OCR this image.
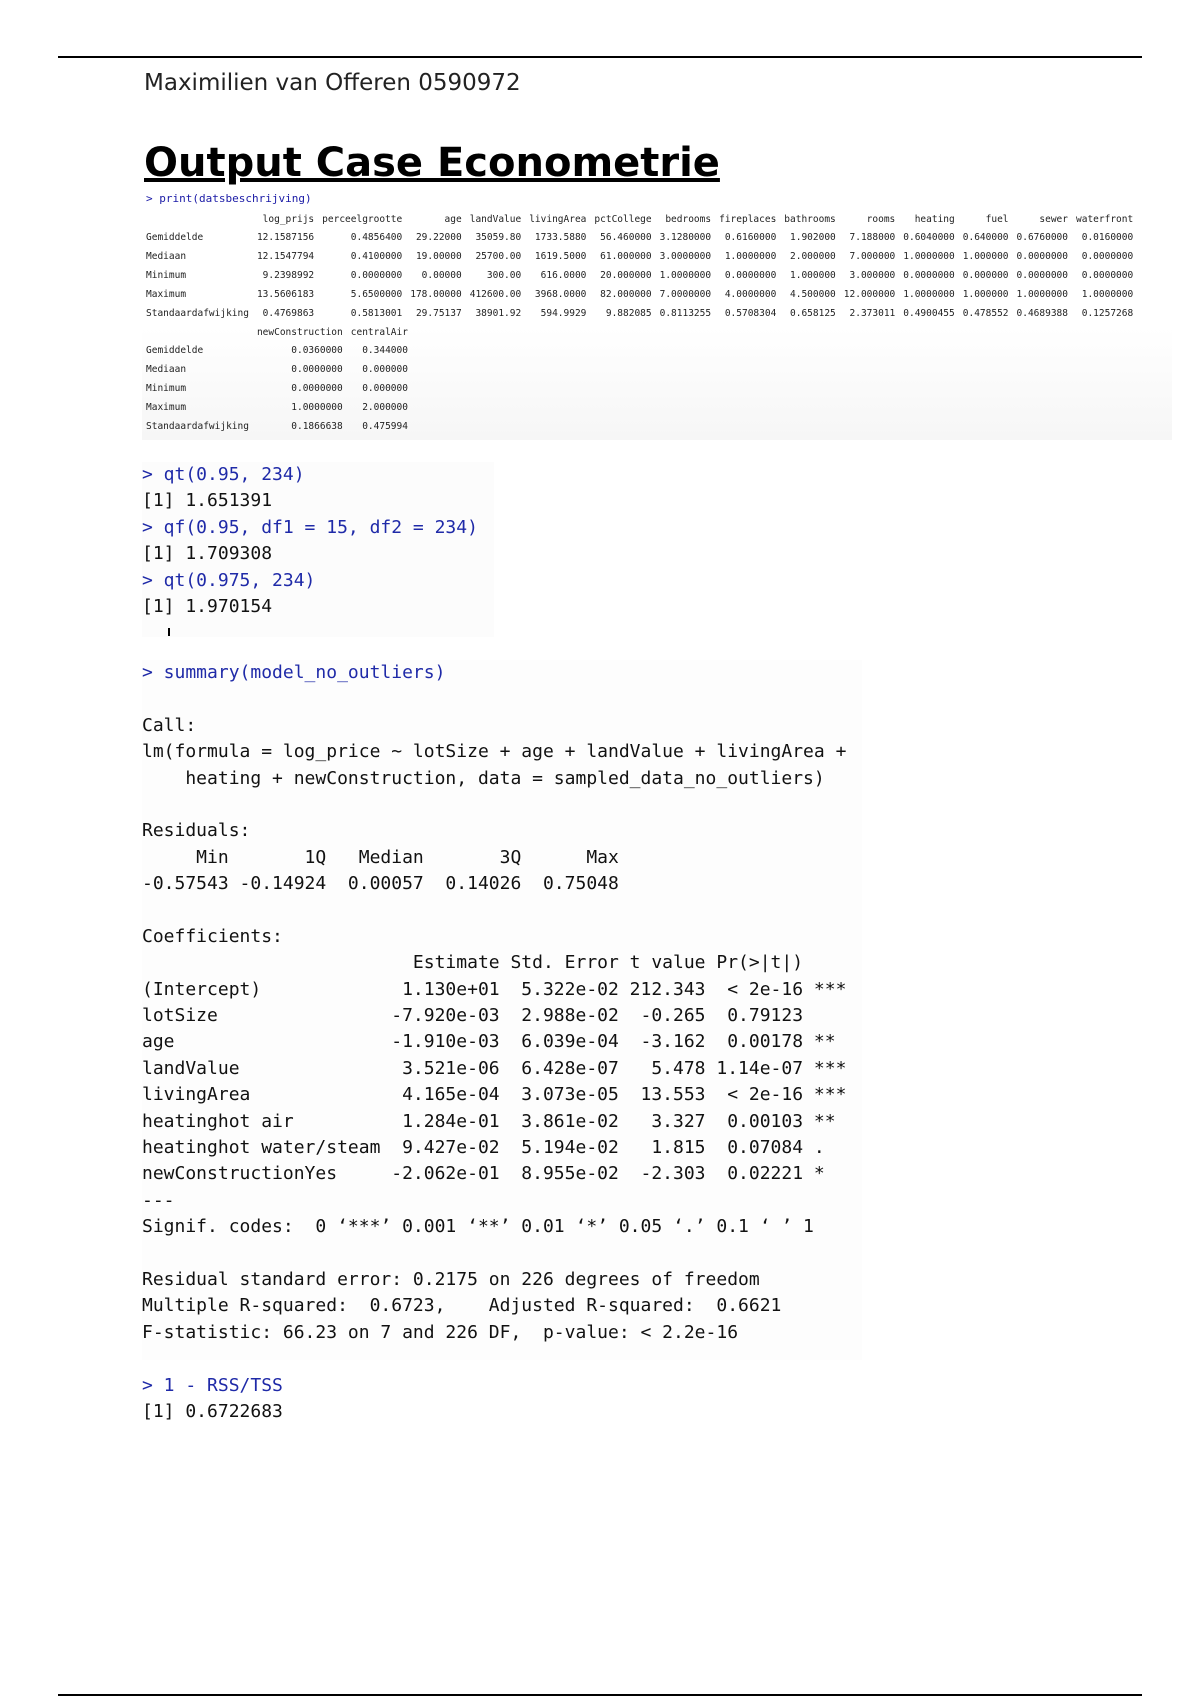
Maximilien van Offeren 0590972
Output Case Econometrie
> print(datsbeschrijving)
	log_prijs	perceelgrootte	age	landValue	livingArea	pctCollege	bedrooms	fireplaces	bathrooms	rooms	heating	fuel	sewer	waterfront
Gemiddelde	12.1587156	0.4856400	29.22000	35059.80	1733.5880	56.460000	3.1280000	0.6160000	1.902000	7.188000	0.6040000	0.640000	0.6760000	0.0160000
Mediaan	12.1547794	0.4100000	19.00000	25700.00	1619.5000	61.000000	3.0000000	1.0000000	2.000000	7.000000	1.0000000	1.000000	0.0000000	0.0000000
Minimum	9.2398992	0.0000000	0.00000	300.00	616.0000	20.000000	1.0000000	0.0000000	1.000000	3.000000	0.0000000	0.000000	0.0000000	0.0000000
Maximum	13.5606183	5.6500000	178.00000	412600.00	3968.0000	82.000000	7.0000000	4.0000000	4.500000	12.000000	1.0000000	1.000000	1.0000000	1.0000000
Standaardafwijking	0.4769863	0.5813001	29.75137	38901.92	594.9929	9.882085	0.8113255	0.5708304	0.658125	2.373011	0.4900455	0.478552	0.4689388	0.1257268
	newConstruction	centralAir
Gemiddelde	0.0360000	0.344000
Mediaan	0.0000000	0.000000
Minimum	0.0000000	0.000000
Maximum	1.0000000	2.000000
Standaardafwijking	0.1866638	0.475994
> qt(0.95, 234)
[1] 1.651391
> qf(0.95, df1 = 15, df2 = 234)
[1] 1.709308
> qt(0.975, 234)
[1] 1.970154
> summary(model_no_outliers)
Call:
lm(formula = log_price ~ lotSize + age + landValue + livingArea +
heating + newConstruction, data = sampled_data_no_outliers)
Residuals:
Min       1Q   Median       3Q      Max
-0.57543 -0.14924  0.00057  0.14026  0.75048
Coefficients:
Estimate Std. Error t value Pr(>|t|)
(Intercept)             1.130e+01  5.322e-02 212.343  < 2e-16 ***
lotSize                -7.920e-03  2.988e-02  -0.265  0.79123
age                    -1.910e-03  6.039e-04  -3.162  0.00178 **
landValue               3.521e-06  6.428e-07   5.478 1.14e-07 ***
livingArea              4.165e-04  3.073e-05  13.553  < 2e-16 ***
heatinghot air          1.284e-01  3.861e-02   3.327  0.00103 **
heatinghot water/steam  9.427e-02  5.194e-02   1.815  0.07084 .
newConstructionYes     -2.062e-01  8.955e-02  -2.303  0.02221 *
---
Signif. codes:  0 ‘***’ 0.001 ‘**’ 0.01 ‘*’ 0.05 ‘.’ 0.1 ‘ ’ 1
Residual standard error: 0.2175 on 226 degrees of freedom
Multiple R-squared:  0.6723,	Adjusted R-squared:  0.6621
F-statistic: 66.23 on 7 and 226 DF,  p-value: < 2.2e-16
> 1 - RSS/TSS
[1] 0.6722683
